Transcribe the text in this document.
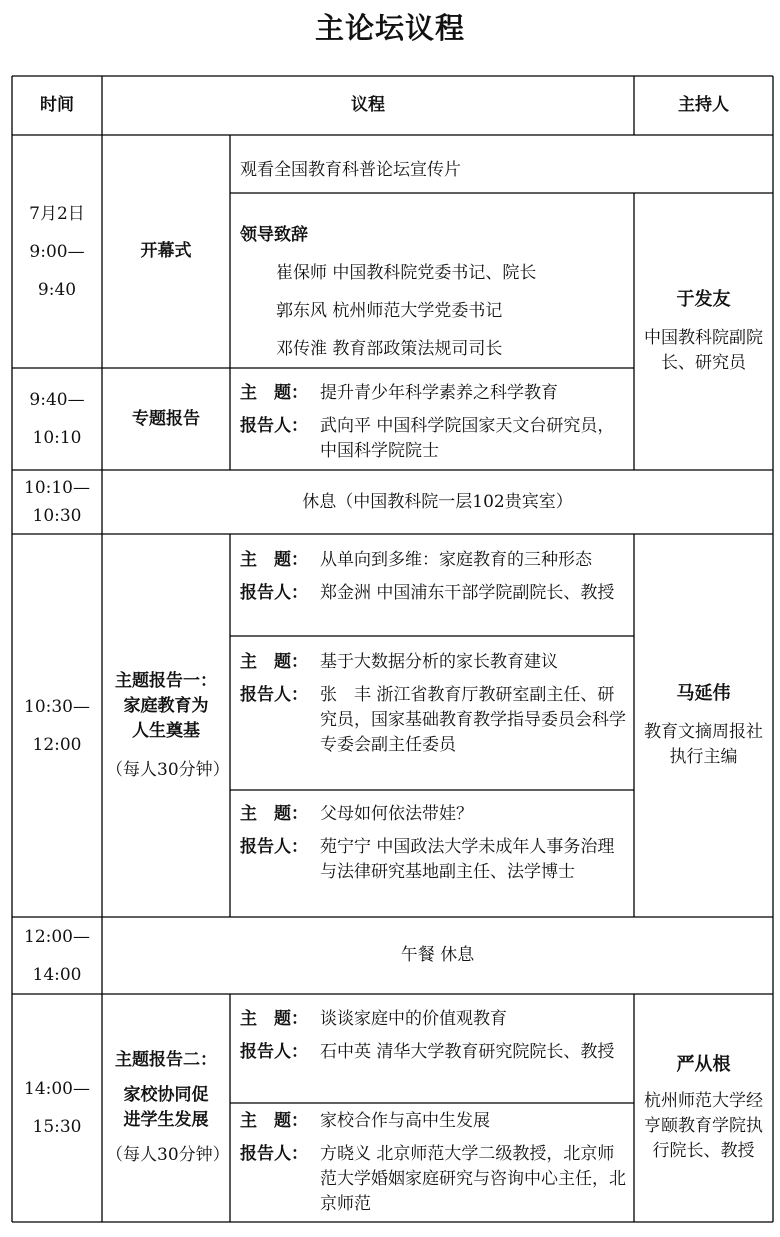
主论坛议程
时间	议程	主持人
7月2日
9:00—
9:40
开幕式
观看全国教育科普论坛宣传片
领导致辞
崔保师 中国教科院党委书记、院长
郭东风 杭州师范大学党委书记
邓传淮 教育部政策法规司司长
9:40—
10:10
专题报告
主　题： 提升青少年科学素养之科学教育
报告人： 武向平 中国科学院国家天文台研究员，中国科学院院士
于发友
中国教科院副院长、研究员
10:10—
10:30
休息（中国教科院一层102贵宾室）
10:30—
12:00
主题报告一：
家庭教育为
人生奠基
（每人30分钟）
主　题： 从单向到多维：家庭教育的三种形态
报告人： 郑金洲 中国浦东干部学院副院长、教授
主　题： 基于大数据分析的家长教育建议
报告人： 张　丰 浙江省教育厅教研室副主任、研究员，国家基础教育教学指导委员会科学专委会副主任委员
主　题： 父母如何依法带娃？
报告人： 苑宁宁 中国政法大学未成年人事务治理与法律研究基地副主任、法学博士
马延伟
教育文摘周报社执行主编
12:00—
14:00
午餐 休息
14:00—
15:30
主题报告二：
家校协同促
进学生发展
（每人30分钟）
主　题： 谈谈家庭中的价值观教育
报告人： 石中英 清华大学教育研究院院长、教授
主　题： 家校合作与高中生发展
报告人： 方晓义 北京师范大学二级教授，北京师范大学婚姻家庭研究与咨询中心主任，北京师范
严从根
杭州师范大学经亨颐教育学院执行院长、教授
